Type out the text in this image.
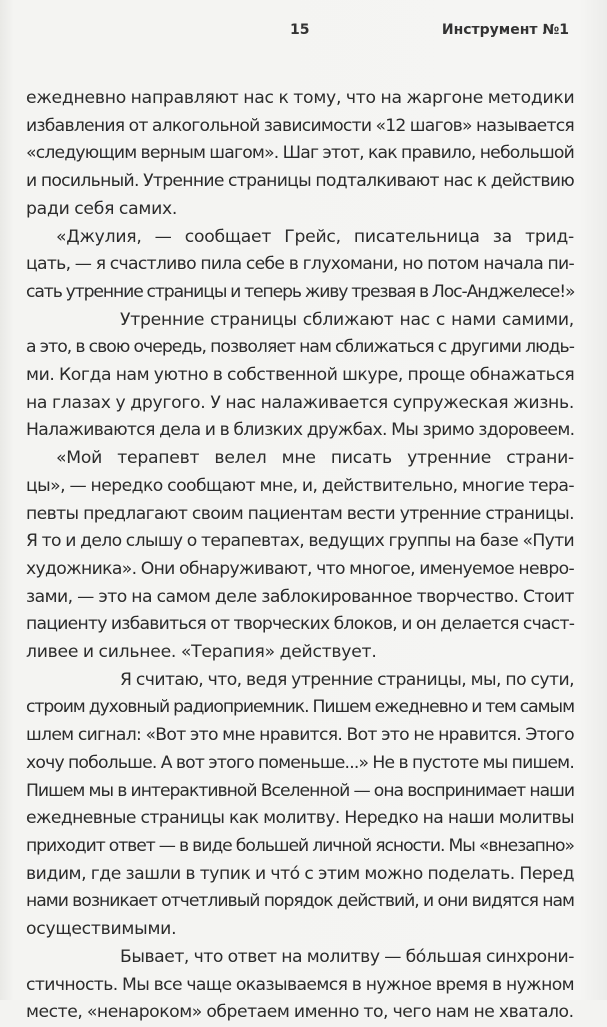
15	Инструмент №1

ежедневно направляют нас к тому, что на жаргоне методики
избавления от алкогольной зависимости «12 шагов» называется
«следующим верным шагом». Шаг этот, как правило, небольшой
и посильный. Утренние страницы подталкивают нас к действию
ради себя самих.

«Джулия, — сообщает Грейс, писательница за трид-
цать, — я счастливо пила себе в глухомани, но потом начала пи-
сать утренние страницы и теперь живу трезвая в Лос-Анджелесе!»

Утренние страницы сближают нас с нами самими,
а это, в свою очередь, позволяет нам сближаться с другими людь-
ми. Когда нам уютно в собственной шкуре, проще обнажаться
на глазах у другого. У нас налаживается супружеская жизнь.
Налаживаются дела и в близких дружбах. Мы зримо здоровеем.

«Мой терапевт велел мне писать утренние страни-
цы», — нередко сообщают мне, и, действительно, многие тера-
певты предлагают своим пациентам вести утренние страницы.
Я то и дело слышу о терапевтах, ведущих группы на базе «Пути
художника». Они обнаруживают, что многое, именуемое невро-
зами, — это на самом деле заблокированное творчество. Стоит
пациенту избавиться от творческих блоков, и он делается счаст-
ливее и сильнее. «Терапия» действует.

Я считаю, что, ведя утренние страницы, мы, по сути,
строим духовный радиоприемник. Пишем ежедневно и тем самым
шлем сигнал: «Вот это мне нравится. Вот это не нравится. Этого
хочу побольше. А вот этого поменьше...» Не в пустоте мы пишем.
Пишем мы в интерактивной Вселенной — она воспринимает наши
ежедневные страницы как молитву. Нередко на наши молитвы
приходит ответ — в виде большей личной ясности. Мы «внезапно»
видим, где зашли в тупик и что́ с этим можно поделать. Перед
нами возникает отчетливый порядок действий, и они видятся нам
осуществимыми.

Бывает, что ответ на молитву — бо́льшая синхрони-
стичность. Мы все чаще оказываемся в нужное время в нужном
месте, «ненароком» обретаем именно то, чего нам не хватало.
